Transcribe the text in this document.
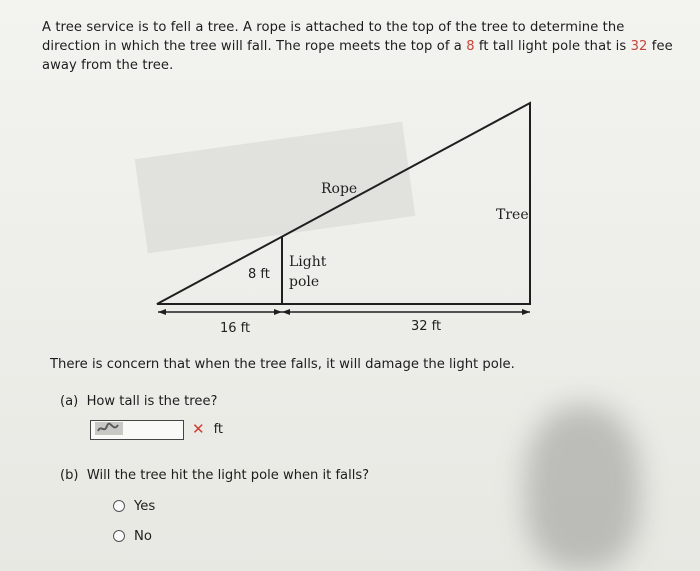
A tree service is to fell a tree. A rope is attached to the top of the tree to determine the
direction in which the tree will fall. The rope meets the top of a 8 ft tall light pole that is 32 fee
away from the tree.
Rope
Tree
Light
pole
8 ft
16 ft	32 ft
There is concern that when the tree falls, it will damage the light pole.
(a) How tall is the tree?
✕ ft
(b) Will the tree hit the light pole when it falls?
Yes
No
